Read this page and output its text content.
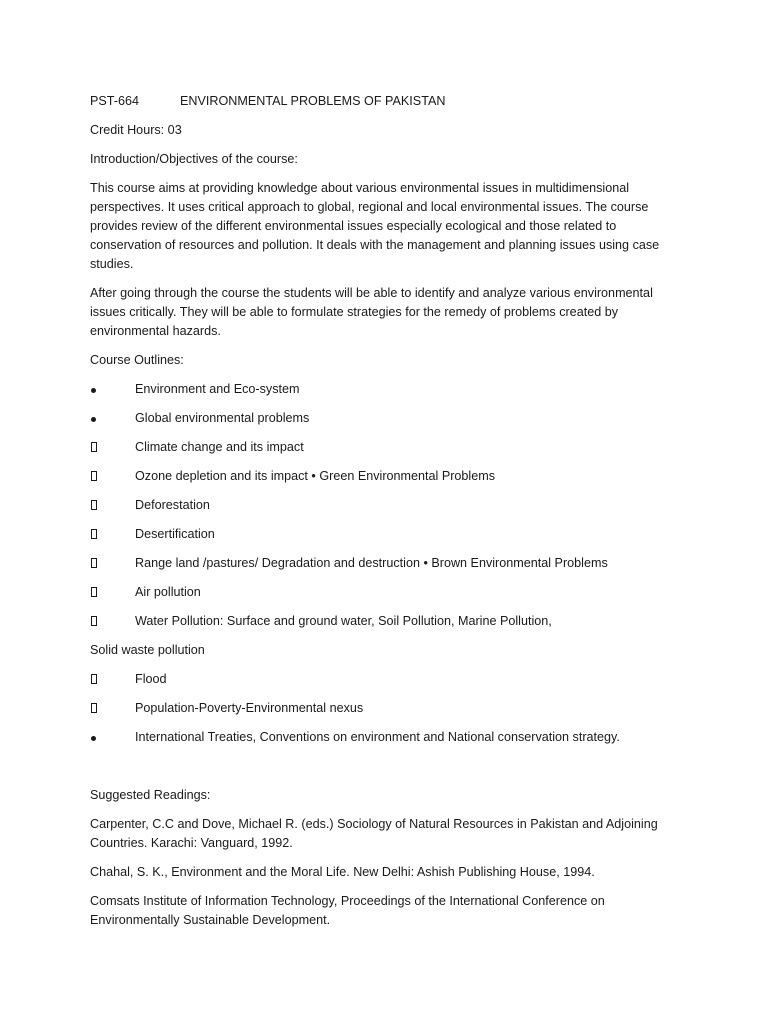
PST-664	ENVIRONMENTAL PROBLEMS OF PAKISTAN

Credit Hours: 03

Introduction/Objectives of the course:

This course aims at providing knowledge about various environmental issues in multidimensional perspectives. It uses critical approach to global, regional and local environmental issues. The course provides review of the different environmental issues especially ecological and those related to conservation of resources and pollution. It deals with the management and planning issues using case studies.

After going through the course the students will be able to identify and analyze various environmental issues critically. They will be able to formulate strategies for the remedy of problems created by environmental hazards.

Course Outlines:

Environment and Eco-system
Global environmental problems
Climate change and its impact
Ozone depletion and its impact • Green Environmental Problems
Deforestation
Desertification
Range land /pastures/ Degradation and destruction • Brown Environmental Problems
Air pollution
Water Pollution: Surface and ground water, Soil Pollution, Marine Pollution,

Solid waste pollution

Flood
Population-Poverty-Environmental nexus
International Treaties, Conventions on environment and National conservation strategy.

Suggested Readings:

Carpenter, C.C and Dove, Michael R. (eds.) Sociology of Natural Resources in Pakistan and Adjoining Countries. Karachi: Vanguard, 1992.

Chahal, S. K., Environment and the Moral Life. New Delhi: Ashish Publishing House, 1994.

Comsats Institute of Information Technology, Proceedings of the International Conference on Environmentally Sustainable Development.
